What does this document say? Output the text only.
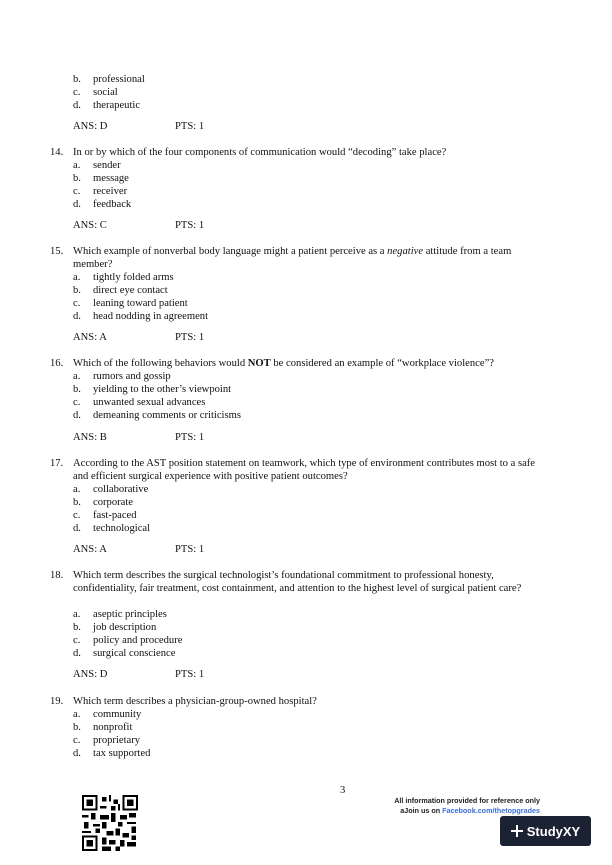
b. professional
c. social
d. therapeutic
ANS: D	PTS: 1
14. In or by which of the four components of communication would “decoding” take place?
a. sender
b. message
c. receiver
d. feedback
ANS: C	PTS: 1
15. Which example of nonverbal body language might a patient perceive as a negative attitude from a team member?
a. tightly folded arms
b. direct eye contact
c. leaning toward patient
d. head nodding in agreement
ANS: A	PTS: 1
16. Which of the following behaviors would NOT be considered an example of “workplace violence”?
a. rumors and gossip
b. yielding to the other’s viewpoint
c. unwanted sexual advances
d. demeaning comments or criticisms
ANS: B	PTS: 1
17. According to the AST position statement on teamwork, which type of environment contributes most to a safe and efficient surgical experience with positive patient outcomes?
a. collaborative
b. corporate
c. fast-paced
d. technological
ANS: A	PTS: 1
18. Which term describes the surgical technologist’s foundational commitment to professional honesty, confidentiality, fair treatment, cost containment, and attention to the highest level of surgical patient care?
a. aseptic principles
b. job description
c. policy and procedure
d. surgical conscience
ANS: D	PTS: 1
19. Which term describes a physician-group-owned hospital?
a. community
b. nonprofit
c. proprietary
d. tax supported
3
All information provided for reference only
aJoin us on Facebook.com/thetopgrades
StudyXY
